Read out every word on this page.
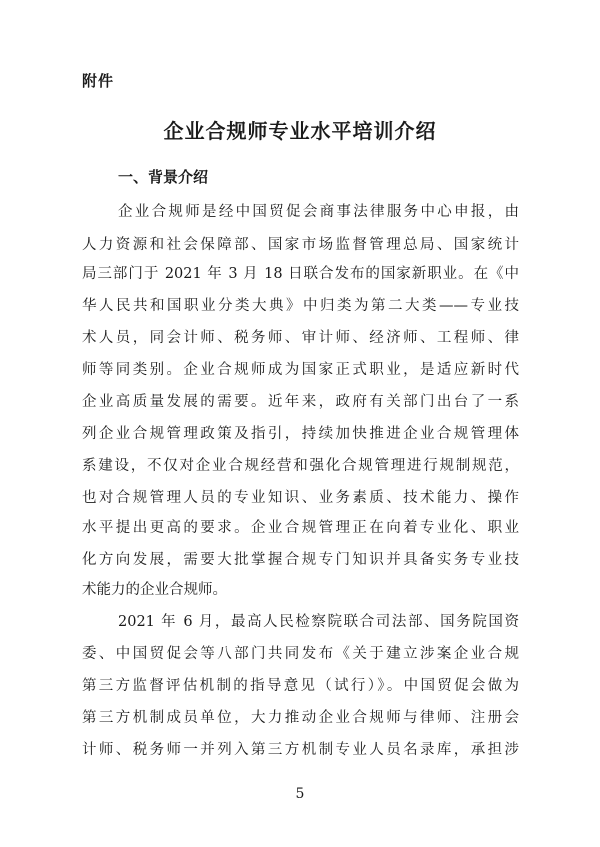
附件
企业合规师专业水平培训介绍
一、背景介绍
企业合规师是经中国贸促会商事法律服务中心申报，由
人力资源和社会保障部、国家市场监督管理总局、国家统计
局三部门于 2021 年 3 月 18 日联合发布的国家新职业。在《中
华人民共和国职业分类大典》中归类为第二大类——专业技
术人员，同会计师、税务师、审计师、经济师、工程师、律
师等同类别。企业合规师成为国家正式职业，是适应新时代
企业高质量发展的需要。近年来，政府有关部门出台了一系
列企业合规管理政策及指引，持续加快推进企业合规管理体
系建设，不仅对企业合规经营和强化合规管理进行规制规范，
也对合规管理人员的专业知识、业务素质、技术能力、操作
水平提出更高的要求。企业合规管理正在向着专业化、职业
化方向发展，需要大批掌握合规专门知识并具备实务专业技
术能力的企业合规师。
2021 年 6 月，最高人民检察院联合司法部、国务院国资
委、中国贸促会等八部门共同发布《关于建立涉案企业合规
第三方监督评估机制的指导意见（试行）》。中国贸促会做为
第三方机制成员单位，大力推动企业合规师与律师、注册会
计师、税务师一并列入第三方机制专业人员名录库，承担涉
5
